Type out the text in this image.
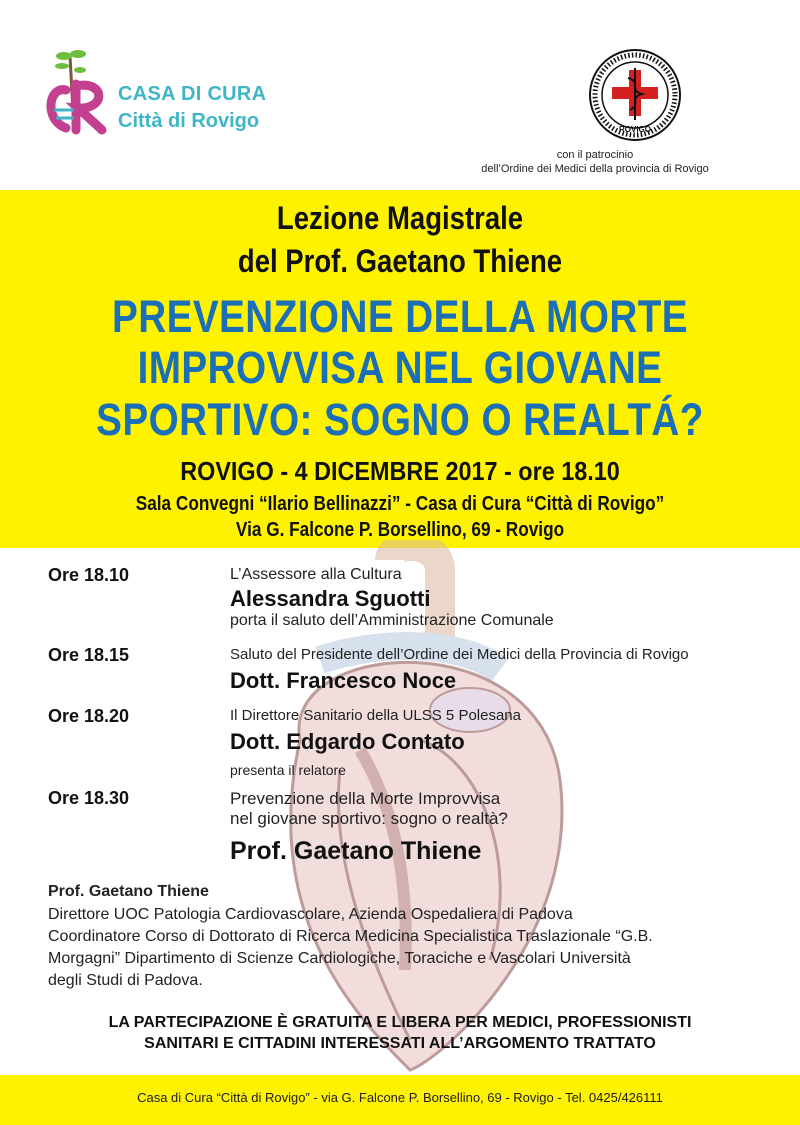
CASA DI CURA
Città di Rovigo	ROVIGO
con il patrocinio
dell’Ordine dei Medici della provincia di Rovigo
Lezione Magistrale
del Prof. Gaetano Thiene
PREVENZIONE DELLA MORTE
IMPROVVISA NEL GIOVANE
SPORTIVO: SOGNO O REALTÁ?
ROVIGO - 4 DICEMBRE 2017 - ore 18.10
Sala Convegni “Ilario Bellinazzi” - Casa di Cura “Città di Rovigo”
Via G. Falcone P. Borsellino, 69 - Rovigo
Ore 18.10	L’Assessore alla Cultura
Alessandra Sguotti
porta il saluto dell’Amministrazione Comunale
Ore 18.15	Saluto del Presidente dell’Ordine dei Medici della Provincia di Rovigo
Dott. Francesco Noce
Ore 18.20	Il Direttore Sanitario della ULSS 5 Polesana
Dott. Edgardo Contato
presenta il relatore
Ore 18.30	Prevenzione della Morte Improvvisa
nel giovane sportivo: sogno o realtà?
Prof. Gaetano Thiene
Prof. Gaetano Thiene
Direttore UOC Patologia Cardiovascolare, Azienda Ospedaliera di Padova
Coordinatore Corso di Dottorato di Ricerca Medicina Specialistica Traslazionale “G.B.
Morgagni” Dipartimento di Scienze Cardiologiche, Toraciche e Vascolari Università
degli Studi di Padova.
LA PARTECIPAZIONE È GRATUITA E LIBERA PER MEDICI, PROFESSIONISTI
SANITARI E CITTADINI INTERESSATI ALL’ARGOMENTO TRATTATO
Casa di Cura “Città di Rovigo” - via G. Falcone P. Borsellino, 69 - Rovigo - Tel. 0425/426111
